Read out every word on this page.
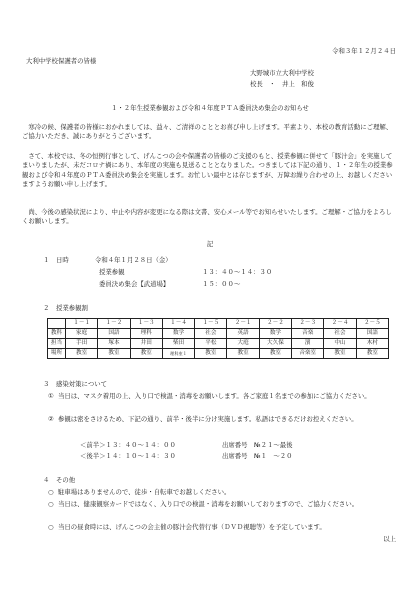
令和３年１２月２４日
大利中学校保護者の皆様
大野城市立大利中学校
校長　・　井上　和俊
１・２年生授業参観および令和４年度ＰＴＡ委員決め集会のお知らせ
寒冷の候、保護者の皆様におかれましては、益々、ご清祥のこととお喜び申し上げます。平素より、本校の教育活動にご理解、ご協力いただき、誠にありがとうございます。
さて、本校では、冬の恒例行事として、げんこつの会や保護者の皆様のご支援のもと、授業参観に併せて「豚汁会」を実施してまいりましたが、未だコロナ禍にあり、本年度の実施も見送ることとなりました。つきましては下記の通り、１・２年生の授業参観および令和４年度のＰＴＡ委員決め集会を実施します。お忙しい最中とは存じますが、万障お繰り合わせの上、お越しくださいますようお願い申し上げます。
尚、今後の感染状況により、中止や内容が変更になる際は文書、安心メール等でお知らせいたします。ご理解・ご協力をよろしくお願いします。
記
１ 日時	令和４年１月２８日（金）
授業参観	１３：４０～１４：３０
委員決め集会【武道場】	１５：００～
２ 授業参観割
	１－１	１－２	１－３	１－４	１－５	２－１	２－２	２－３	２－４	２－５
教科	家庭	国語	理科	数学	社会	英語	数学	音楽	社会	国語
担当	手田	塚本	井田	柴田	平松	大庭	大久保	濱	中山	木村
場所	教室	教室	教室	理科室１	教室	教室	教室	音楽室	教室	教室
３ 感染対策について
① 当日は、マスク着用の上、入り口で検温・消毒をお願いします。各ご家庭１名までの参加にご協力ください。
② 参観は密をさけるため、下記の通り、前半・後半に分け実施します。私語はできるだけお控えください。
＜前半＞１３：４０～１４：００	出席番号　№２１～最後
＜後半＞１４：１０～１４：３０	出席番号　№１　～２０
４ その他
○ 駐車場はありませんので、徒歩・自転車でお越しください。
○ 当日は、健康観察カードではなく、入り口での検温・消毒をお願いしておりますので、ご協力ください。
○ 当日の昼食時には、げんこつの会主催の豚汁会代替行事（ＤＶＤ視聴等）を予定しています。
以上
